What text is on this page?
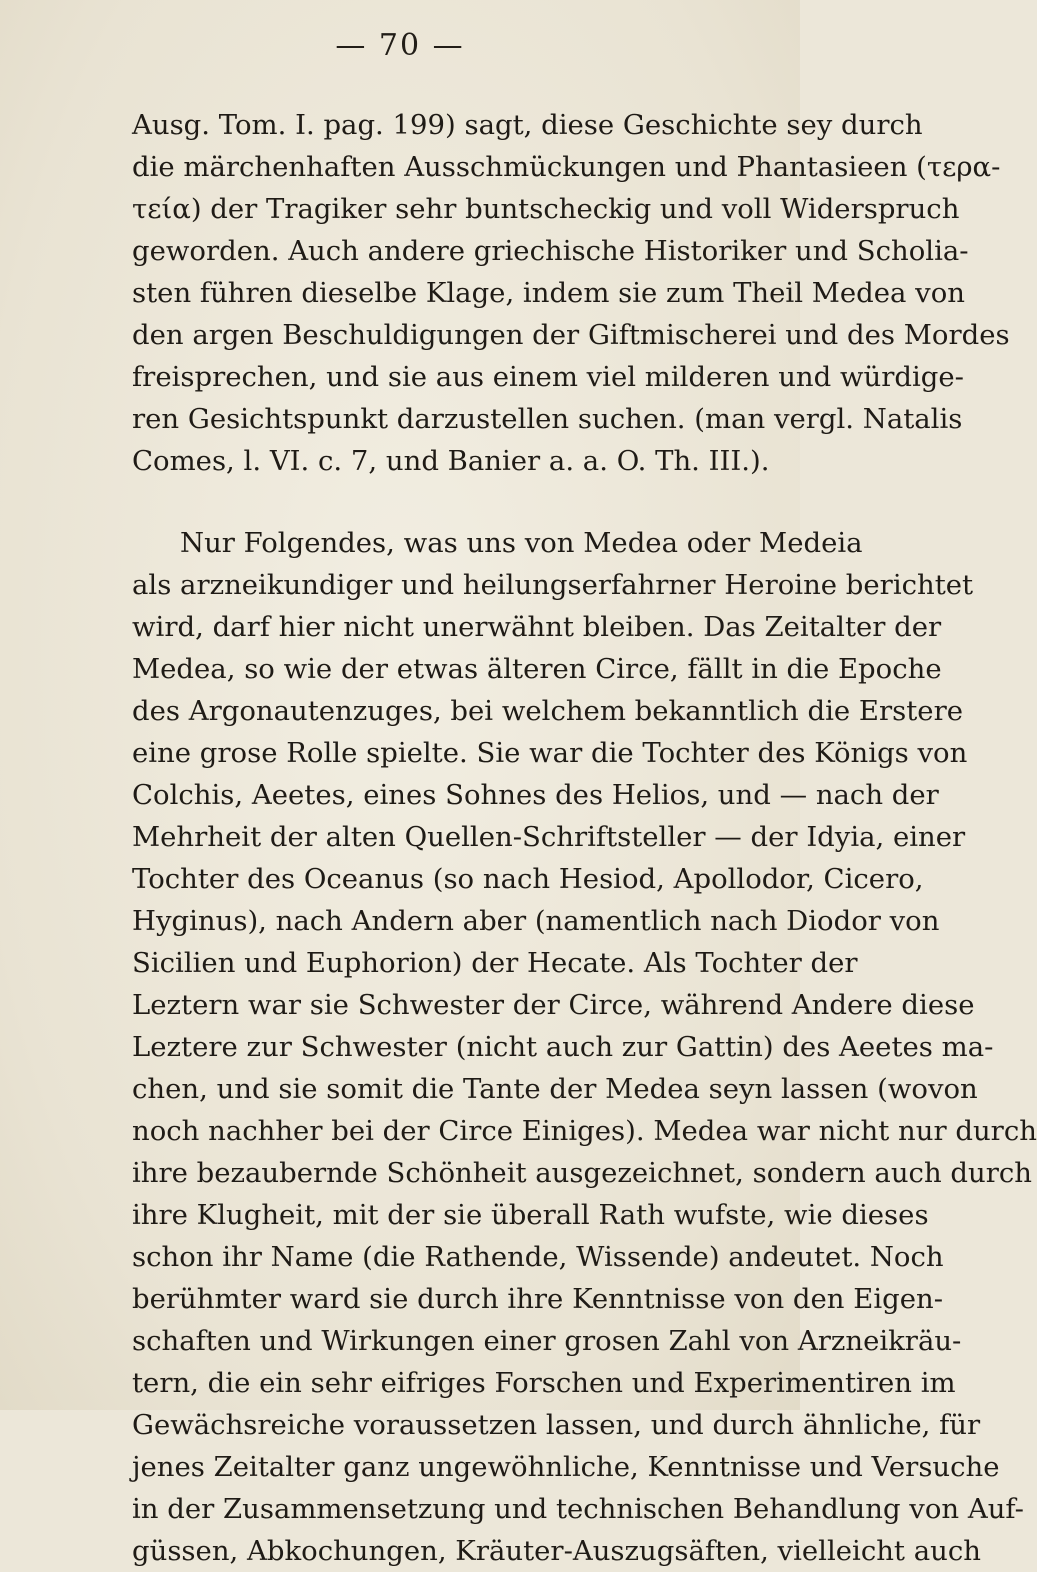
— 70 —
Ausg. Tom. I. pag. 199) sagt, diese Geschichte sey durch
die märchenhaften Ausschmückungen und Phantasieen (τερα-
τεία) der Tragiker sehr buntscheckig und voll Widerspruch
geworden. Auch andere griechische Historiker und Scholia-
sten führen dieselbe Klage, indem sie zum Theil Medea von
den argen Beschuldigungen der Giftmischerei und des Mordes
freisprechen, und sie aus einem viel milderen und würdige-
ren Gesichtspunkt darzustellen suchen. (man vergl. Natalis
Comes, l. VI. c. 7, und Banier a. a. O. Th. III.).
Nur Folgendes, was uns von Medea oder Medeia
als arzneikundiger und heilungserfahrner Heroine berichtet
wird, darf hier nicht unerwähnt bleiben. Das Zeitalter der
Medea, so wie der etwas älteren Circe, fällt in die Epoche
des Argonautenzuges, bei welchem bekanntlich die Erstere
eine grose Rolle spielte. Sie war die Tochter des Königs von
Colchis, Aeetes, eines Sohnes des Helios, und — nach der
Mehrheit der alten Quellen-Schriftsteller — der Idyia, einer
Tochter des Oceanus (so nach Hesiod, Apollodor, Cicero,
Hyginus), nach Andern aber (namentlich nach Diodor von
Sicilien und Euphorion) der Hecate. Als Tochter der
Leztern war sie Schwester der Circe, während Andere diese
Leztere zur Schwester (nicht auch zur Gattin) des Aeetes ma-
chen, und sie somit die Tante der Medea seyn lassen (wovon
noch nachher bei der Circe Einiges). Medea war nicht nur durch
ihre bezaubernde Schönheit ausgezeichnet, sondern auch durch
ihre Klugheit, mit der sie überall Rath wufste, wie dieses
schon ihr Name (die Rathende, Wissende) andeutet. Noch
berühmter ward sie durch ihre Kenntnisse von den Eigen-
schaften und Wirkungen einer grosen Zahl von Arzneikräu-
tern, die ein sehr eifriges Forschen und Experimentiren im
Gewächsreiche voraussetzen lassen, und durch ähnliche, für
jenes Zeitalter ganz ungewöhnliche, Kenntnisse und Versuche
in der Zusammensetzung und technischen Behandlung von Auf-
güssen, Abkochungen, Kräuter-Auszugsäften, vielleicht auch
